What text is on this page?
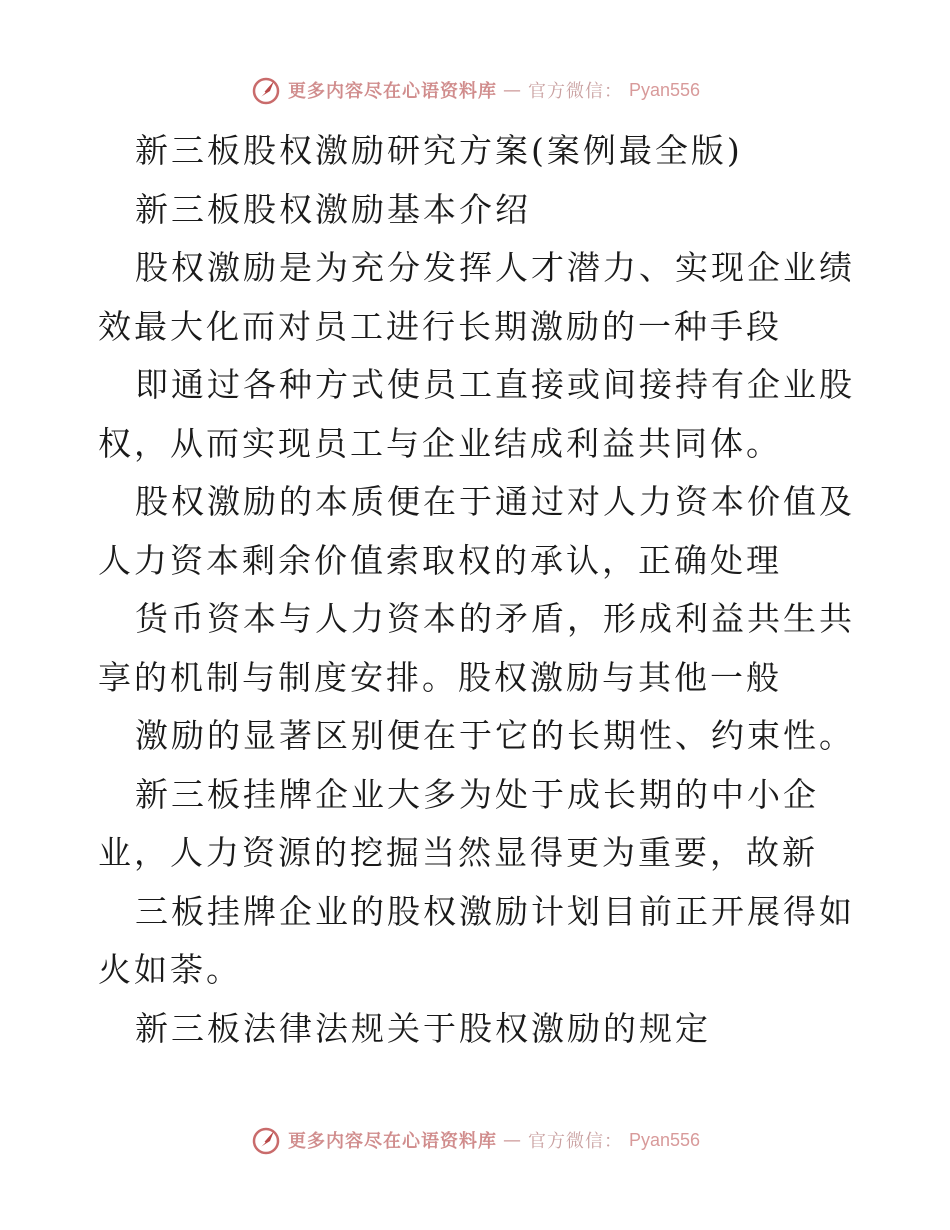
更多内容尽在心语资料库 — 官方微信： Pyan556

新三板股权激励研究方案(案例最全版)

新三板股权激励基本介绍

股权激励是为充分发挥人才潜力、实现企业绩效最大化而对员工进行长期激励的一种手段

即通过各种方式使员工直接或间接持有企业股权，从而实现员工与企业结成利益共同体。

股权激励的本质便在于通过对人力资本价值及人力资本剩余价值索取权的承认，正确处理

货币资本与人力资本的矛盾，形成利益共生共享的机制与制度安排。股权激励与其他一般

激励的显著区别便在于它的长期性、约束性。

新三板挂牌企业大多为处于成长期的中小企业，人力资源的挖掘当然显得更为重要，故新

三板挂牌企业的股权激励计划目前正开展得如火如荼。

新三板法律法规关于股权激励的规定

更多内容尽在心语资料库 — 官方微信： Pyan556
